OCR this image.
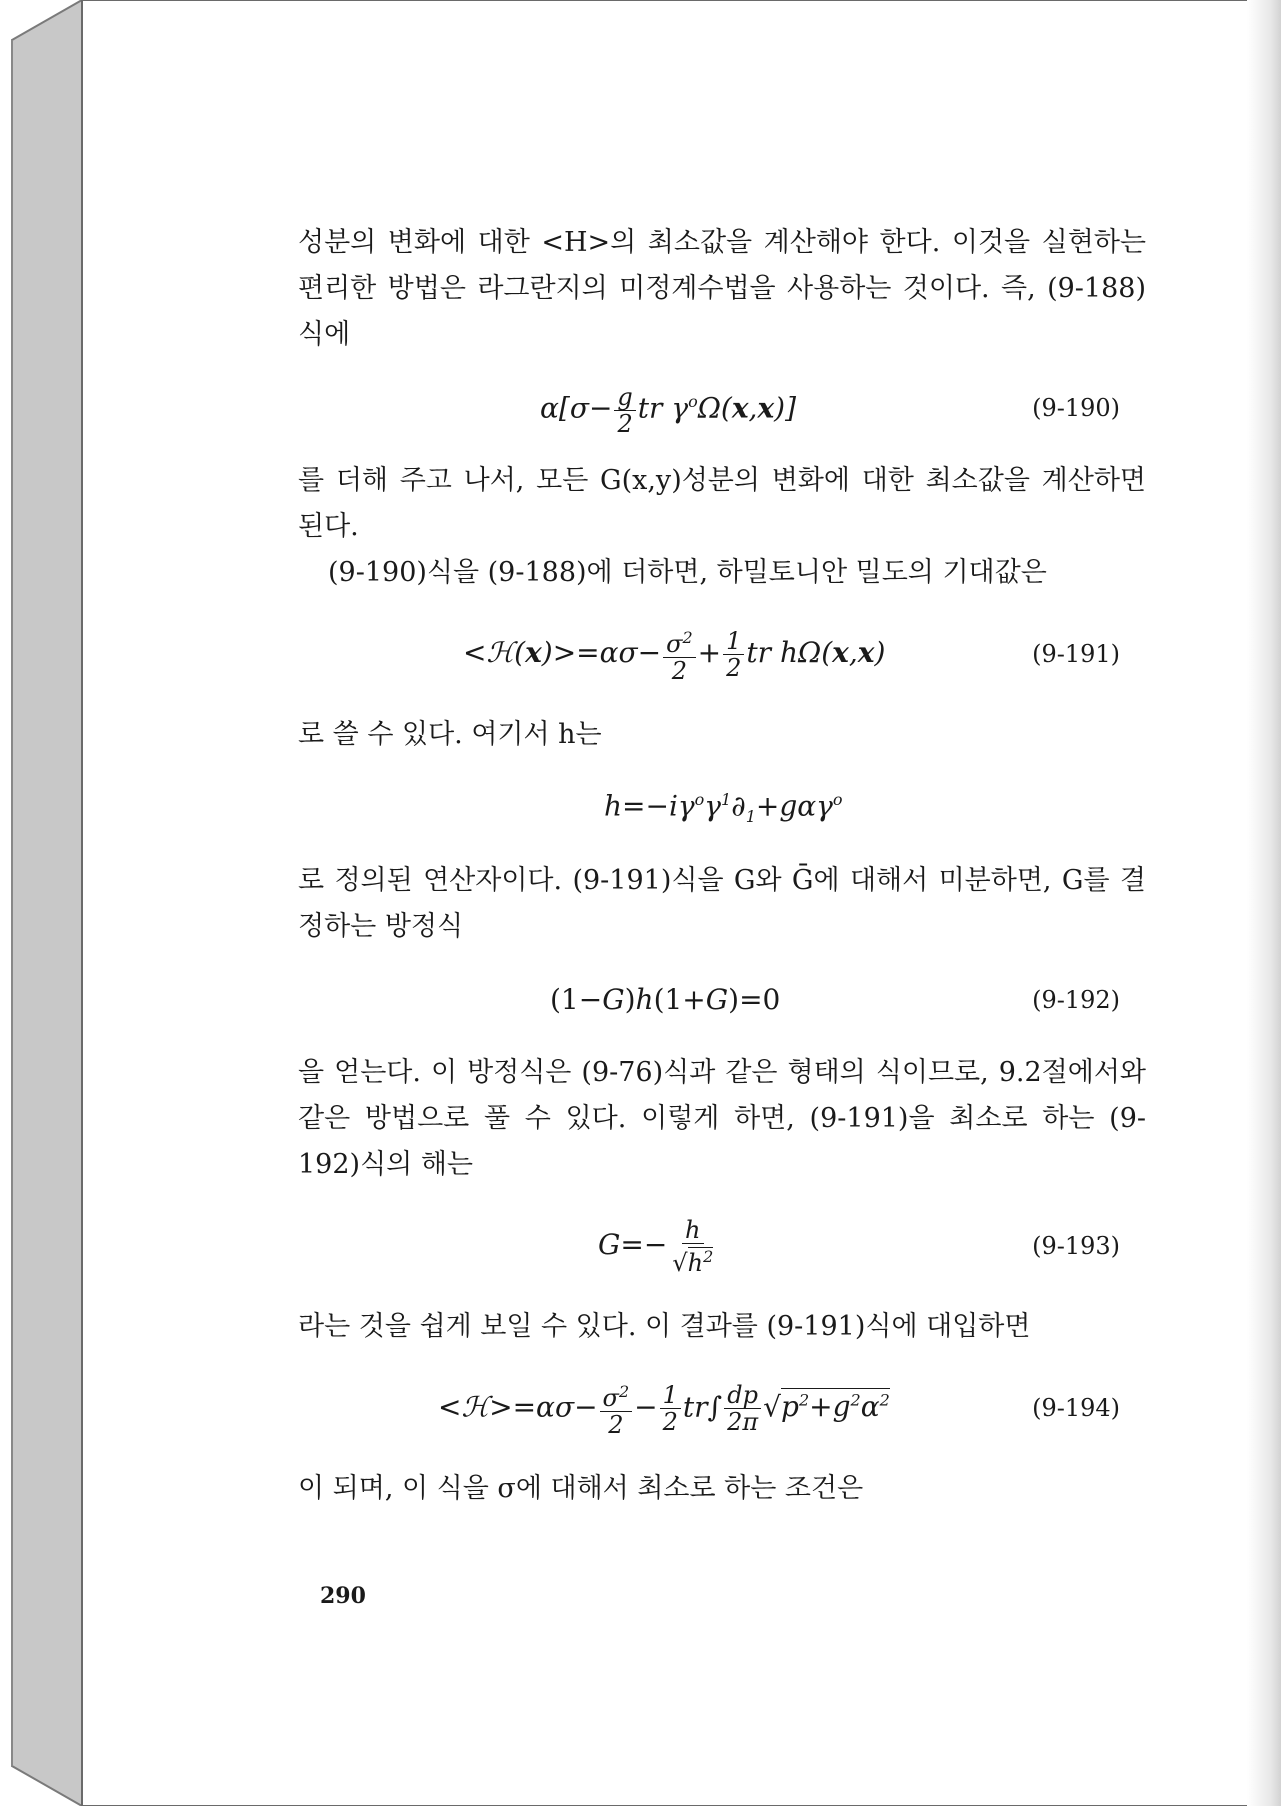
성분의 변화에 대한 <H>의 최소값을 계산해야 한다. 이것을 실현하는 편리한 방법은 라그란지의 미정계수법을 사용하는 것이다. 즉, (9-188)식에

$\alpha[\sigma- \frac{g}{2}$ tr $\gamma^o\Omega(x,x)$]	(9-190)

를 더해 주고 나서, 모든 G(x,y)성분의 변화에 대한 최소값을 계산하면 된다.

(9-190)식을 (9-188)에 더하면, 하밀토니안 밀도의 기대값은

<ℋ(x)>=ασ− $\frac{\sigma^2}{2} + \frac{1}{2}$ tr hΩ(x,x)	(9-191)

로 쓸 수 있다. 여기서 h는

$h=-i\gamma^o\gamma^1\partial_1+g\alpha\gamma^o$

로 정의된 연산자이다. (9-191)식을 G와 Ḡ에 대해서 미분하면, G를 결정하는 방정식

(1−G)h(1+G)=0	(9-192)

을 얻는다. 이 방정식은 (9-76)식과 같은 형태의 식이므로, 9.2절에서와 같은 방법으로 풀 수 있다. 이렇게 하면, (9-191)을 최소로 하는 (9-192)식의 해는

$G=- \frac{h}{√h^2}$	(9-193)

라는 것을 쉽게 보일 수 있다. 이 결과를 (9-191)식에 대입하면

<ℋ>=ασ− $\frac{\sigma^2}{2} - \frac{1}{2} tr\int \frac{dp}{2\pi} √p^2+g^2\alpha^2$	(9-194)

이 되며, 이 식을 σ에 대해서 최소로 하는 조건은

290
